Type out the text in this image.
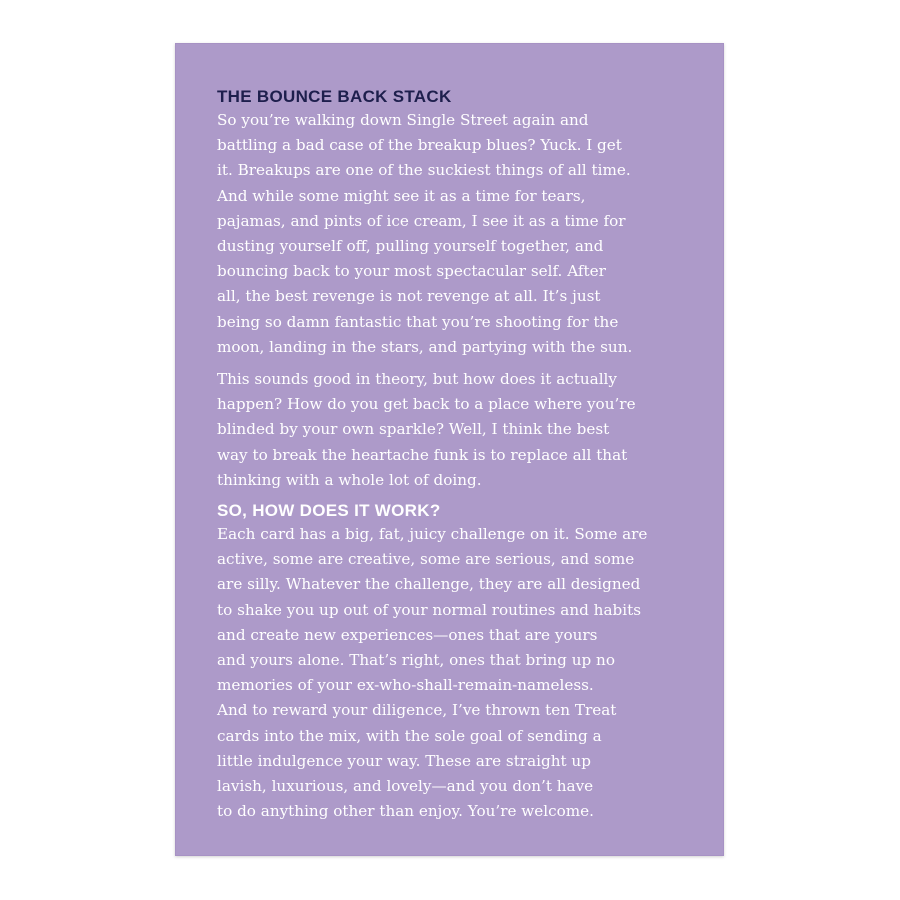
THE BOUNCE BACK STACK

So you’re walking down Single Street again and
battling a bad case of the breakup blues? Yuck. I get
it. Breakups are one of the suckiest things of all time.
And while some might see it as a time for tears,
pajamas, and pints of ice cream, I see it as a time for
dusting yourself off, pulling yourself together, and
bouncing back to your most spectacular self. After
all, the best revenge is not revenge at all. It’s just
being so damn fantastic that you’re shooting for the
moon, landing in the stars, and partying with the sun.

This sounds good in theory, but how does it actually
happen? How do you get back to a place where you’re
blinded by your own sparkle? Well, I think the best
way to break the heartache funk is to replace all that
thinking with a whole lot of doing.

SO, HOW DOES IT WORK?

Each card has a big, fat, juicy challenge on it. Some are
active, some are creative, some are serious, and some
are silly. Whatever the challenge, they are all designed
to shake you up out of your normal routines and habits
and create new experiences—ones that are yours
and yours alone. That’s right, ones that bring up no
memories of your ex-who-shall-remain-nameless.
And to reward your diligence, I’ve thrown ten Treat
cards into the mix, with the sole goal of sending a
little indulgence your way. These are straight up
lavish, luxurious, and lovely—and you don’t have
to do anything other than enjoy. You’re welcome.
